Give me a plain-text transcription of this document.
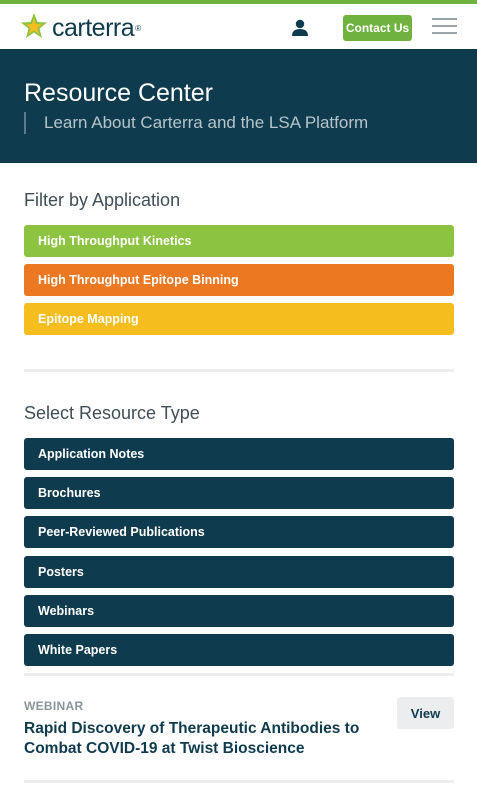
carterra ®	Contact Us
Resource Center
Learn About Carterra and the LSA Platform
Filter by Application
High Throughput Kinetics
High Throughput Epitope Binning
Epitope Mapping
Select Resource Type
Application Notes
Brochures
Peer-Reviewed Publications
Posters
Webinars
White Papers
WEBINAR
Rapid Discovery of Therapeutic Antibodies to Combat COVID-19 at Twist Bioscience
View
